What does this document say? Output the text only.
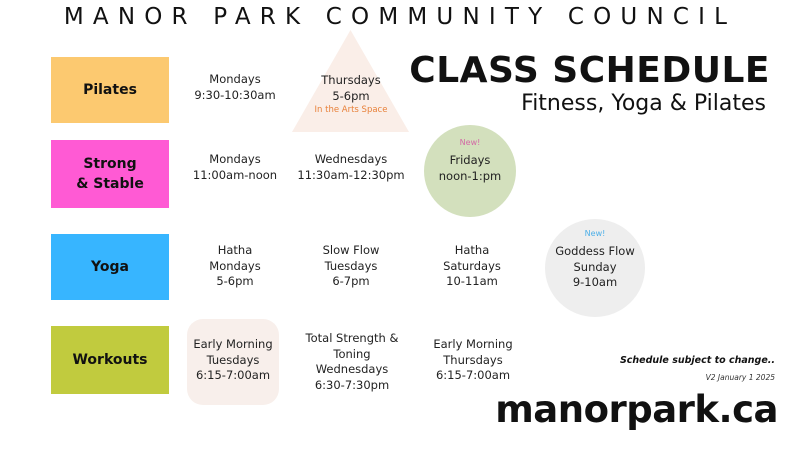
MANOR PARK COMMUNITY COUNCIL
CLASS SCHEDULE
Fitness, Yoga & Pilates
Pilates
Strong
& Stable
Yoga
Workouts
Mondays
9:30-10:30am
Thursdays
5-6pm
In the Arts Space
Mondays
11:00am-noon
Wednesdays
11:30am-12:30pm
New!
Fridays
noon-1:pm
Hatha
Mondays
5-6pm
Slow Flow
Tuesdays
6-7pm
Hatha
Saturdays
10-11am
New!
Goddess Flow
Sunday
9-10am
Early Morning
Tuesdays
6:15-7:00am
Total Strength &
Toning
Wednesdays
6:30-7:30pm
Early Morning
Thursdays
6:15-7:00am
Schedule subject to change..
V2 January 1 2025
manorpark.ca
